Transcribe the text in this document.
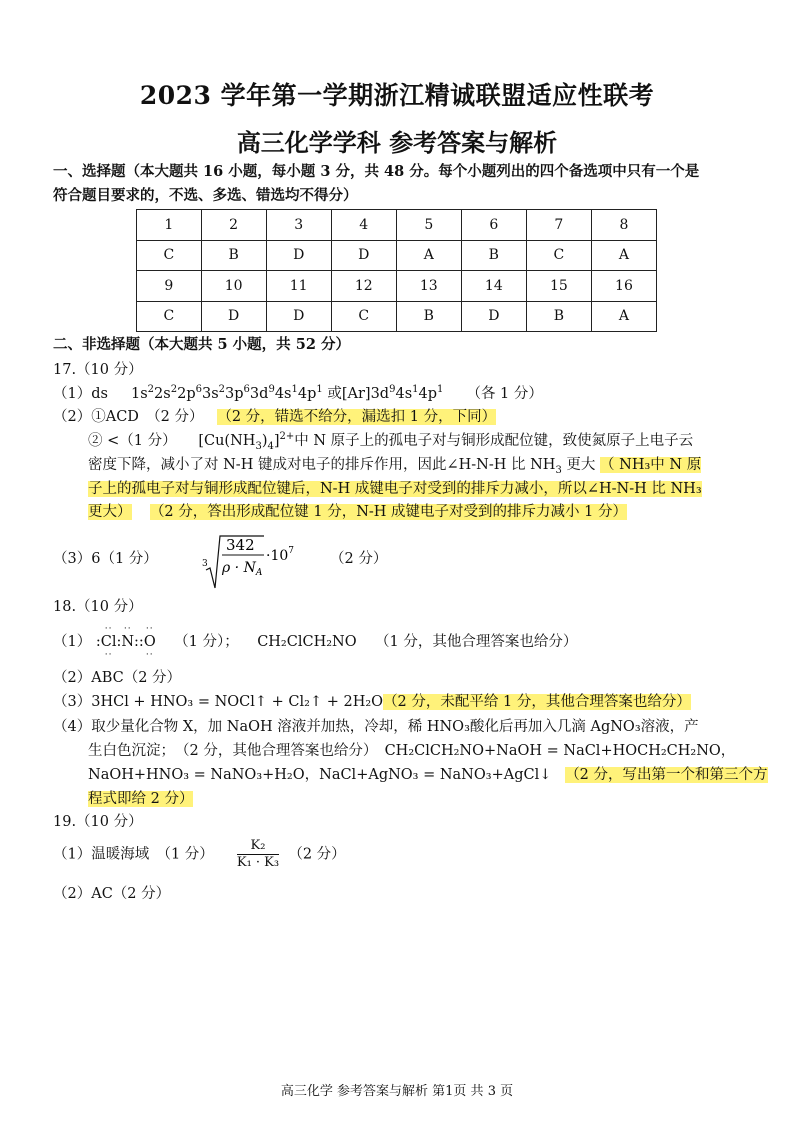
2023 学年第一学期浙江精诚联盟适应性联考
高三化学学科 参考答案与解析
一、选择题（本大题共 16 小题，每小题 3 分，共 48 分。每个小题列出的四个备选项中只有一个是
符合题目要求的，不选、多选、错选均不得分）
1	2	3	4	5	6	7	8
C	B	D	D	A	B	C	A
9	10	11	12	13	14	15	16
C	D	D	C	B	D	B	A
二、非选择题（本大题共 5 小题，共 52 分）
17.（10 分）
（1）ds $1s^22s^22p^63s^23p^63d^94s^14p^1$ 或$[Ar]3d^94s^14p^1$ （各 1 分）
（2）①ACD　（2 分） （2 分，错选不给分，漏选扣 1 分，下同）
② <（1 分）　　$[Cu(NH_3)_4]^{2+}$中 N 原子上的孤电子对与铜形成配位键，致使氮原子上电子云
密度下降，减小了对 N-H 键成对电子的排斥作用，因此∠H-N-H 比 $NH_3$ 更大 （ NH₃中 N 原
子上的孤电子对与铜形成配位键后，N-H 成键电子对受到的排斥力减小，所以∠H-N-H 比 NH₃
更大） （2 分，答出形成配位键 1 分，N-H 成键电子对受到的排斥力减小 1 分）
（3）6（1 分）	3
342
$\rho \cdot N_A$
$\cdot 10^7$ （2 分）
18.（10 分）
（1） :Cl
··
··
:N
··
::O
··
··
（1 分）； CH₂ClCH₂NO （1 分，其他合理答案也给分）
（2）ABC（2 分）
（3）3HCl + HNO₃ = NOCl↑ + Cl₂↑ + 2H₂O（2 分，未配平给 1 分，其他合理答案也给分）
（4）取少量化合物 X，加 NaOH 溶液并加热，冷却，稀 HNO₃酸化后再加入几滴 AgNO₃溶液，产
生白色沉淀；　（2 分，其他合理答案也给分）　CH₂ClCH₂NO+NaOH = NaCl+HOCH₂CH₂NO，
NaOH+HNO₃ = NaNO₃+H₂O，NaCl+AgNO₃ = NaNO₃+AgCl↓ （2 分，写出第一个和第三个方
程式即给 2 分）
19.（10 分）
（1）温暖海域　（1 分） $\frac{\text{K₂}}{\text{K₁ · K₃}} (2$ 分）
（2）AC（2 分）
高三化学 参考答案与解析 第1页 共 3 页
